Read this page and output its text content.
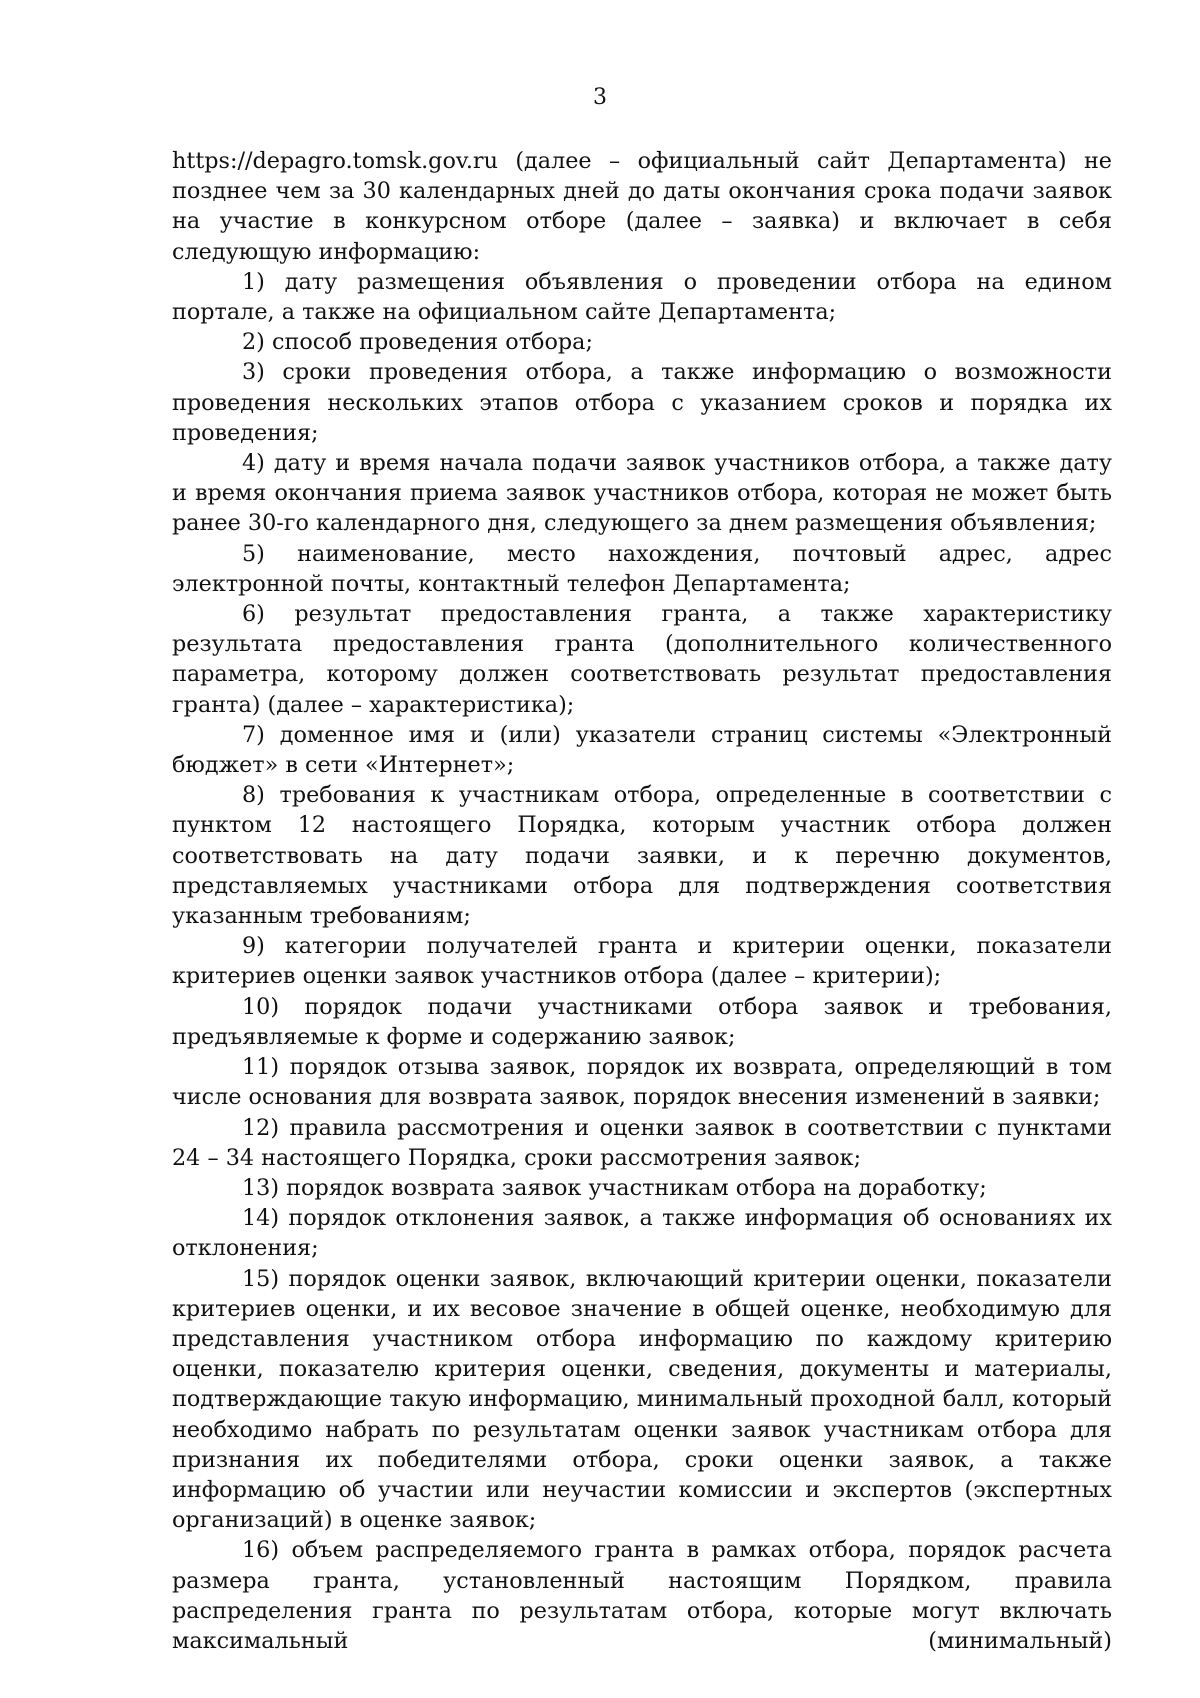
3

https://depagro.tomsk.gov.ru (далее – официальный сайт Департамента) не позднее чем за 30 календарных дней до даты окончания срока подачи заявок на участие в конкурсном отборе (далее – заявка) и включает в себя следующую информацию:

1) дату размещения объявления о проведении отбора на едином портале, а также на официальном сайте Департамента;

2) способ проведения отбора;

3) сроки проведения отбора, а также информацию о возможности проведения нескольких этапов отбора с указанием сроков и порядка их проведения;

4) дату и время начала подачи заявок участников отбора, а также дату и время окончания приема заявок участников отбора, которая не может быть ранее 30-го календарного дня, следующего за днем размещения объявления;

5) наименование, место нахождения, почтовый адрес, адрес электронной почты, контактный телефон Департамента;

6) результат предоставления гранта, а также характеристику результата предоставления гранта (дополнительного количественного параметра, которому должен соответствовать результат предоставления гранта) (далее – характеристика);

7) доменное имя и (или) указатели страниц системы «Электронный бюджет» в сети «Интернет»;

8) требования к участникам отбора, определенные в соответствии с пунктом 12 настоящего Порядка, которым участник отбора должен соответствовать на дату подачи заявки, и к перечню документов, представляемых участниками отбора для подтверждения соответствия указанным требованиям;

9) категории получателей гранта и критерии оценки, показатели критериев оценки заявок участников отбора (далее – критерии);

10) порядок подачи участниками отбора заявок и требования, предъявляемые к форме и содержанию заявок;

11) порядок отзыва заявок, порядок их возврата, определяющий в том числе основания для возврата заявок, порядок внесения изменений в заявки;

12) правила рассмотрения и оценки заявок в соответствии с пунктами 24 – 34 настоящего Порядка, сроки рассмотрения заявок;

13) порядок возврата заявок участникам отбора на доработку;

14) порядок отклонения заявок, а также информация об основаниях их отклонения;

15) порядок оценки заявок, включающий критерии оценки, показатели критериев оценки, и их весовое значение в общей оценке, необходимую для представления участником отбора информацию по каждому критерию оценки, показателю критерия оценки, сведения, документы и материалы, подтверждающие такую информацию, минимальный проходной балл, который необходимо набрать по результатам оценки заявок участникам отбора для признания их победителями отбора, сроки оценки заявок, а также информацию об участии или неучастии комиссии и экспертов (экспертных организаций) в оценке заявок;

16) объем распределяемого гранта в рамках отбора, порядок расчета размера гранта, установленный настоящим Порядком, правила распределения гранта по результатам отбора, которые могут включать максимальный (минимальный)
